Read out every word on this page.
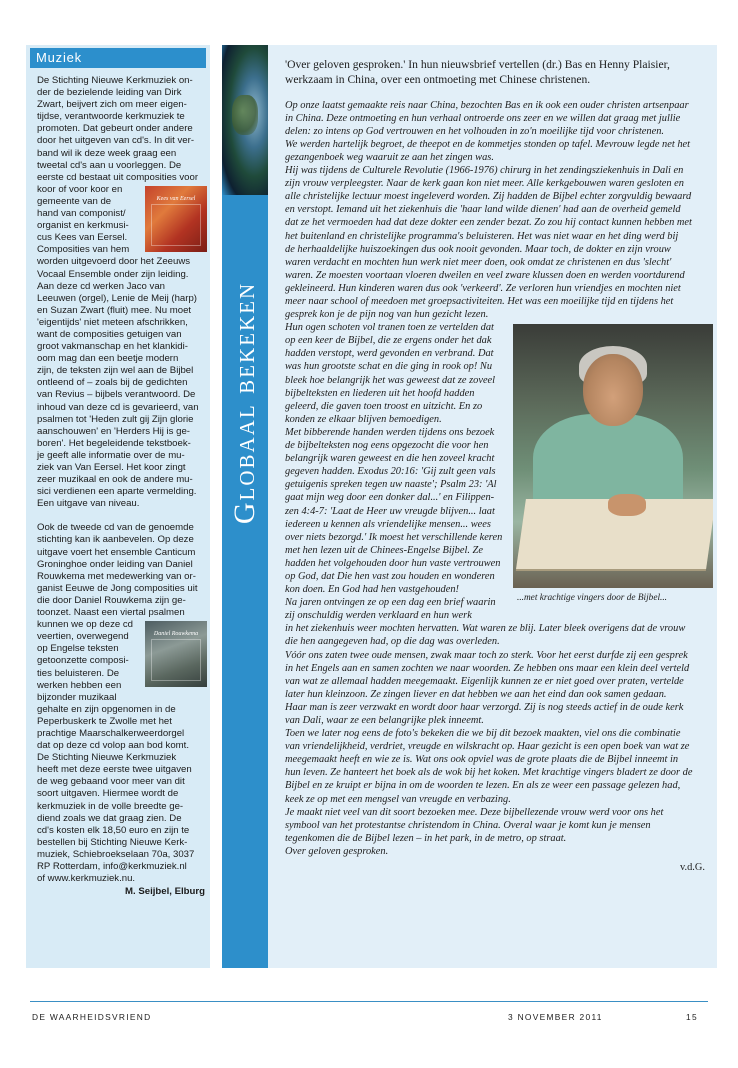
Muziek

De Stichting Nieuwe Kerkmuziek on-
der de bezielende leiding van Dirk
Zwart, beijvert zich om meer eigen-
tijdse, verantwoorde kerkmuziek te
promoten. Dat gebeurt onder andere
door het uitgeven van cd's. In dit ver-
band wil ik deze week graag een
tweetal cd's aan u voorleggen. De
eerste cd bestaat uit composities voor

Kees van Eersel
koor of voor koor en
gemeente van de
hand van componist/
organist en kerkmusi-
cus Kees van Eersel.
Composities van hem
worden uitgevoerd door het Zeeuws
Vocaal Ensemble onder zijn leiding.
Aan deze cd werken Jaco van
Leeuwen (orgel), Lenie de Meij (harp)
en Suzan Zwart (fluit) mee. Nu moet
'eigentijds' niet meteen afschrikken,
want de composities getuigen van
groot vakmanschap en het klankidi-
oom mag dan een beetje modern
zijn, de teksten zijn wel aan de Bijbel
ontleend of – zoals bij de gedichten
van Revius – bijbels verantwoord. De
inhoud van deze cd is gevarieerd, van
psalmen tot 'Heden zult gij Zijn glorie
aanschouwen' en 'Herders Hij is ge-
boren'. Het begeleidende tekstboek-
je geeft alle informatie over de mu-
ziek van Van Eersel. Het koor zingt
zeer muzikaal en ook de andere mu-
sici verdienen een aparte vermelding.
Een uitgave van niveau.

Ook de tweede cd van de genoemde
stichting kan ik aanbevelen. Op deze
uitgave voert het ensemble Canticum
Groninghoe onder leiding van Daniel
Rouwkema met medewerking van or-
ganist Eeuwe de Jong composities uit
die door Daniel Rouwkema zijn ge-
toonzet. Naast een viertal psalmen

Daniel Rouwkema
kunnen we op deze cd
veertien, overwegend
op Engelse teksten
getoonzette composi-
ties beluisteren. De
werken hebben een
bijzonder muzikaal
gehalte en zijn opgenomen in de
Peperbuskerk te Zwolle met het
prachtige Maarschalkerweerdorgel
dat op deze cd volop aan bod komt.
De Stichting Nieuwe Kerkmuziek
heeft met deze eerste twee uitgaven
de weg gebaand voor meer van dit
soort uitgaven. Hiermee wordt de
kerkmuziek in de volle breedte ge-
diend zoals we dat graag zien. De
cd's kosten elk 18,50 euro en zijn te
bestellen bij Stichting Nieuwe Kerk-
muziek, Schiebroekselaan 70a, 3037
RP Rotterdam, info@kerkmuziek.nl
of www.kerkmuziek.nu.

M. Seijbel, Elburg

Globaal bekeken

'Over geloven gesproken.' In hun nieuwsbrief vertellen (dr.) Bas en Henny Plaisier,
werkzaam in China, over een ontmoeting met Chinese christenen.

Op onze laatst gemaakte reis naar China, bezochten Bas en ik ook een ouder christen artsenpaar
in China. Deze ontmoeting en hun verhaal ontroerde ons zeer en we willen dat graag met jullie
delen: zo intens op God vertrouwen en het volhouden in zo'n moeilijke tijd voor christenen.
We werden hartelijk begroet, de theepot en de kommetjes stonden op tafel. Mevrouw legde net het
gezangenboek weg waaruit ze aan het zingen was.
Hij was tijdens de Culturele Revolutie (1966-1976) chirurg in het zendingsziekenhuis in Dali en
zijn vrouw verpleegster. Naar de kerk gaan kon niet meer. Alle kerkgebouwen waren gesloten en
alle christelijke lectuur moest ingeleverd worden. Zij hadden de Bijbel echter zorgvuldig bewaard
en verstopt. Iemand uit het ziekenhuis die 'haar land wilde dienen' had aan de overheid gemeld
dat ze het vermoeden had dat deze dokter een zender bezat. Zo zou hij contact kunnen hebben met
het buitenland en christelijke programma's beluisteren. Het was niet waar en het ding werd bij
de herhaaldelijke huiszoekingen dus ook nooit gevonden. Maar toch, de dokter en zijn vrouw
waren verdacht en mochten hun werk niet meer doen, ook omdat ze christenen en dus 'slecht'
waren. Ze moesten voortaan vloeren dweilen en veel zware klussen doen en werden voortdurend
gekleineerd. Hun kinderen waren dus ook 'verkeerd'. Ze verloren hun vriendjes en mochten niet
meer naar school of meedoen met groepsactiviteiten. Het was een moeilijke tijd en tijdens het
gesprek kon je de pijn nog van hun gezicht lezen.

...met krachtige vingers door de Bijbel...

Hun ogen schoten vol tranen toen ze vertelden dat
op een keer de Bijbel, die ze ergens onder het dak
hadden verstopt, werd gevonden en verbrand. Dat
was hun grootste schat en die ging in rook op! Nu
bleek hoe belangrijk het was geweest dat ze zoveel
bijbelteksten en liederen uit het hoofd hadden
geleerd, die gaven toen troost en uitzicht. En zo
konden ze elkaar blijven bemoedigen.
Met bibberende handen werden tijdens ons bezoek
de bijbelteksten nog eens opgezocht die voor hen
belangrijk waren geweest en die hen zoveel kracht
gegeven hadden. Exodus 20:16: 'Gij zult geen vals
getuigenis spreken tegen uw naaste'; Psalm 23: 'Al
gaat mijn weg door een donker dal...' en Filippen-
zen 4:4-7: 'Laat de Heer uw vreugde blijven... laat
iedereen u kennen als vriendelijke mensen... wees
over niets bezorgd.' Ik moest het verschillende keren
met hen lezen uit de Chinees-Engelse Bijbel. Ze
hadden het volgehouden door hun vaste vertrouwen

op God, dat Die hen vast zou houden en wonderen kon doen. En God had hen vastgehouden!
Na jaren ontvingen ze op een dag een brief waarin zij onschuldig werden verklaard en hun werk
in het ziekenhuis weer mochten hervatten. Wat waren ze blij. Later bleek overigens dat de vrouw
die hen aangegeven had, op die dag was overleden.
Vóór ons zaten twee oude mensen, zwak maar toch zo sterk. Voor het eerst durfde zij een gesprek
in het Engels aan en samen zochten we naar woorden. Ze hebben ons maar een klein deel verteld
van wat ze allemaal hadden meegemaakt. Eigenlijk kunnen ze er niet goed over praten, vertelde
later hun kleinzoon. Ze zingen liever en dat hebben we aan het eind dan ook samen gedaan.
Haar man is zeer verzwakt en wordt door haar verzorgd. Zij is nog steeds actief in de oude kerk
van Dali, waar ze een belangrijke plek inneemt.
Toen we later nog eens de foto's bekeken die we bij dit bezoek maakten, viel ons die combinatie
van vriendelijkheid, verdriet, vreugde en wilskracht op. Haar gezicht is een open boek van wat ze
meegemaakt heeft en wie ze is. Wat ons ook opviel was de grote plaats die de Bijbel inneemt in
hun leven. Ze hanteert het boek als de wok bij het koken. Met krachtige vingers bladert ze door de
Bijbel en ze kruipt er bijna in om de woorden te lezen. En als ze weer een passage gelezen had,
keek ze op met een mengsel van vreugde en verbazing.
Je maakt niet veel van dit soort bezoeken mee. Deze bijbellezende vrouw werd voor ons het
symbool van het protestantse christendom in China. Overal waar je komt kun je mensen
tegenkomen die de Bijbel lezen – in het park, in de metro, op straat.
Over geloven gesproken.

v.d.G.

DE WAARHEIDSVRIEND	3 NOVEMBER 2011	15
